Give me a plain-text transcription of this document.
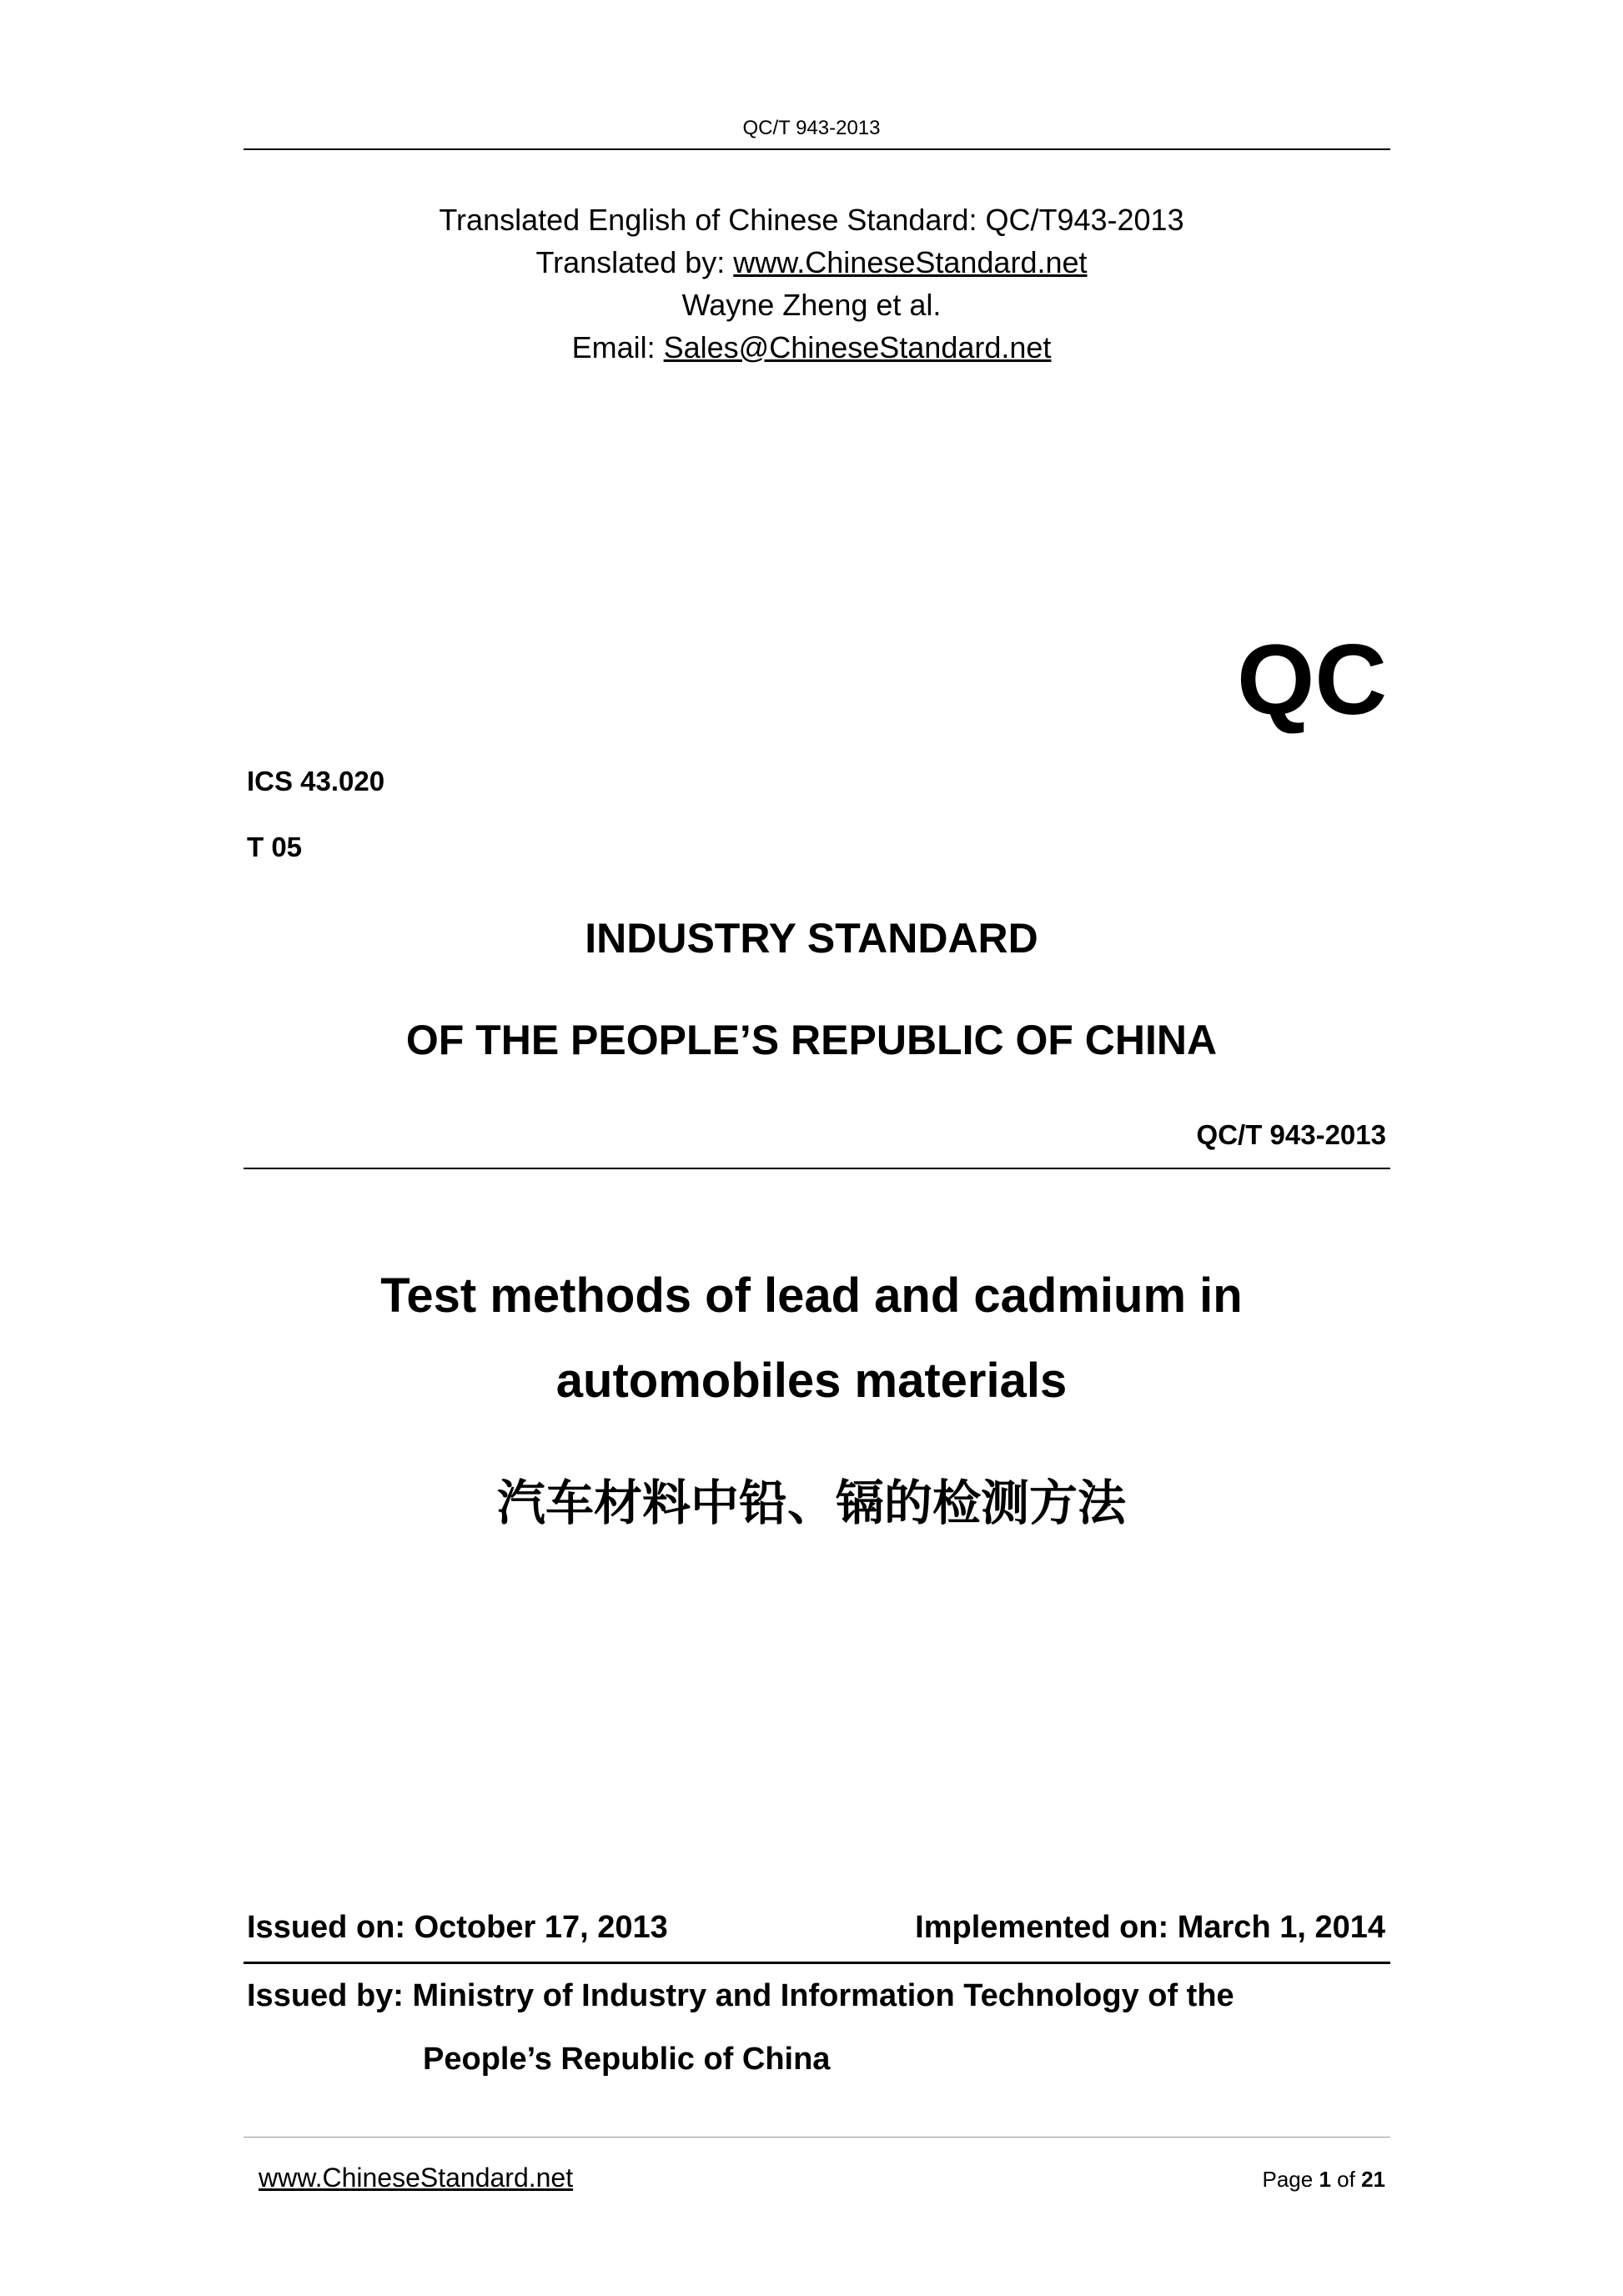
QC/T 943-2013
Translated English of Chinese Standard: QC/T943-2013
Translated by: www.ChineseStandard.net
Wayne Zheng et al.
Email: Sales@ChineseStandard.net
QC
ICS 43.020
T 05
INDUSTRY STANDARD
OF THE PEOPLE’S REPUBLIC OF CHINA
QC/T 943-2013
Test methods of lead and cadmium in
automobiles materials
汽车材料中铅、镉的检测方法
Issued on: October 17, 2013	Implemented on: March 1, 2014
Issued by: Ministry of Industry and Information Technology of the
People’s Republic of China
www.ChineseStandard.net	Page 1 of 21
